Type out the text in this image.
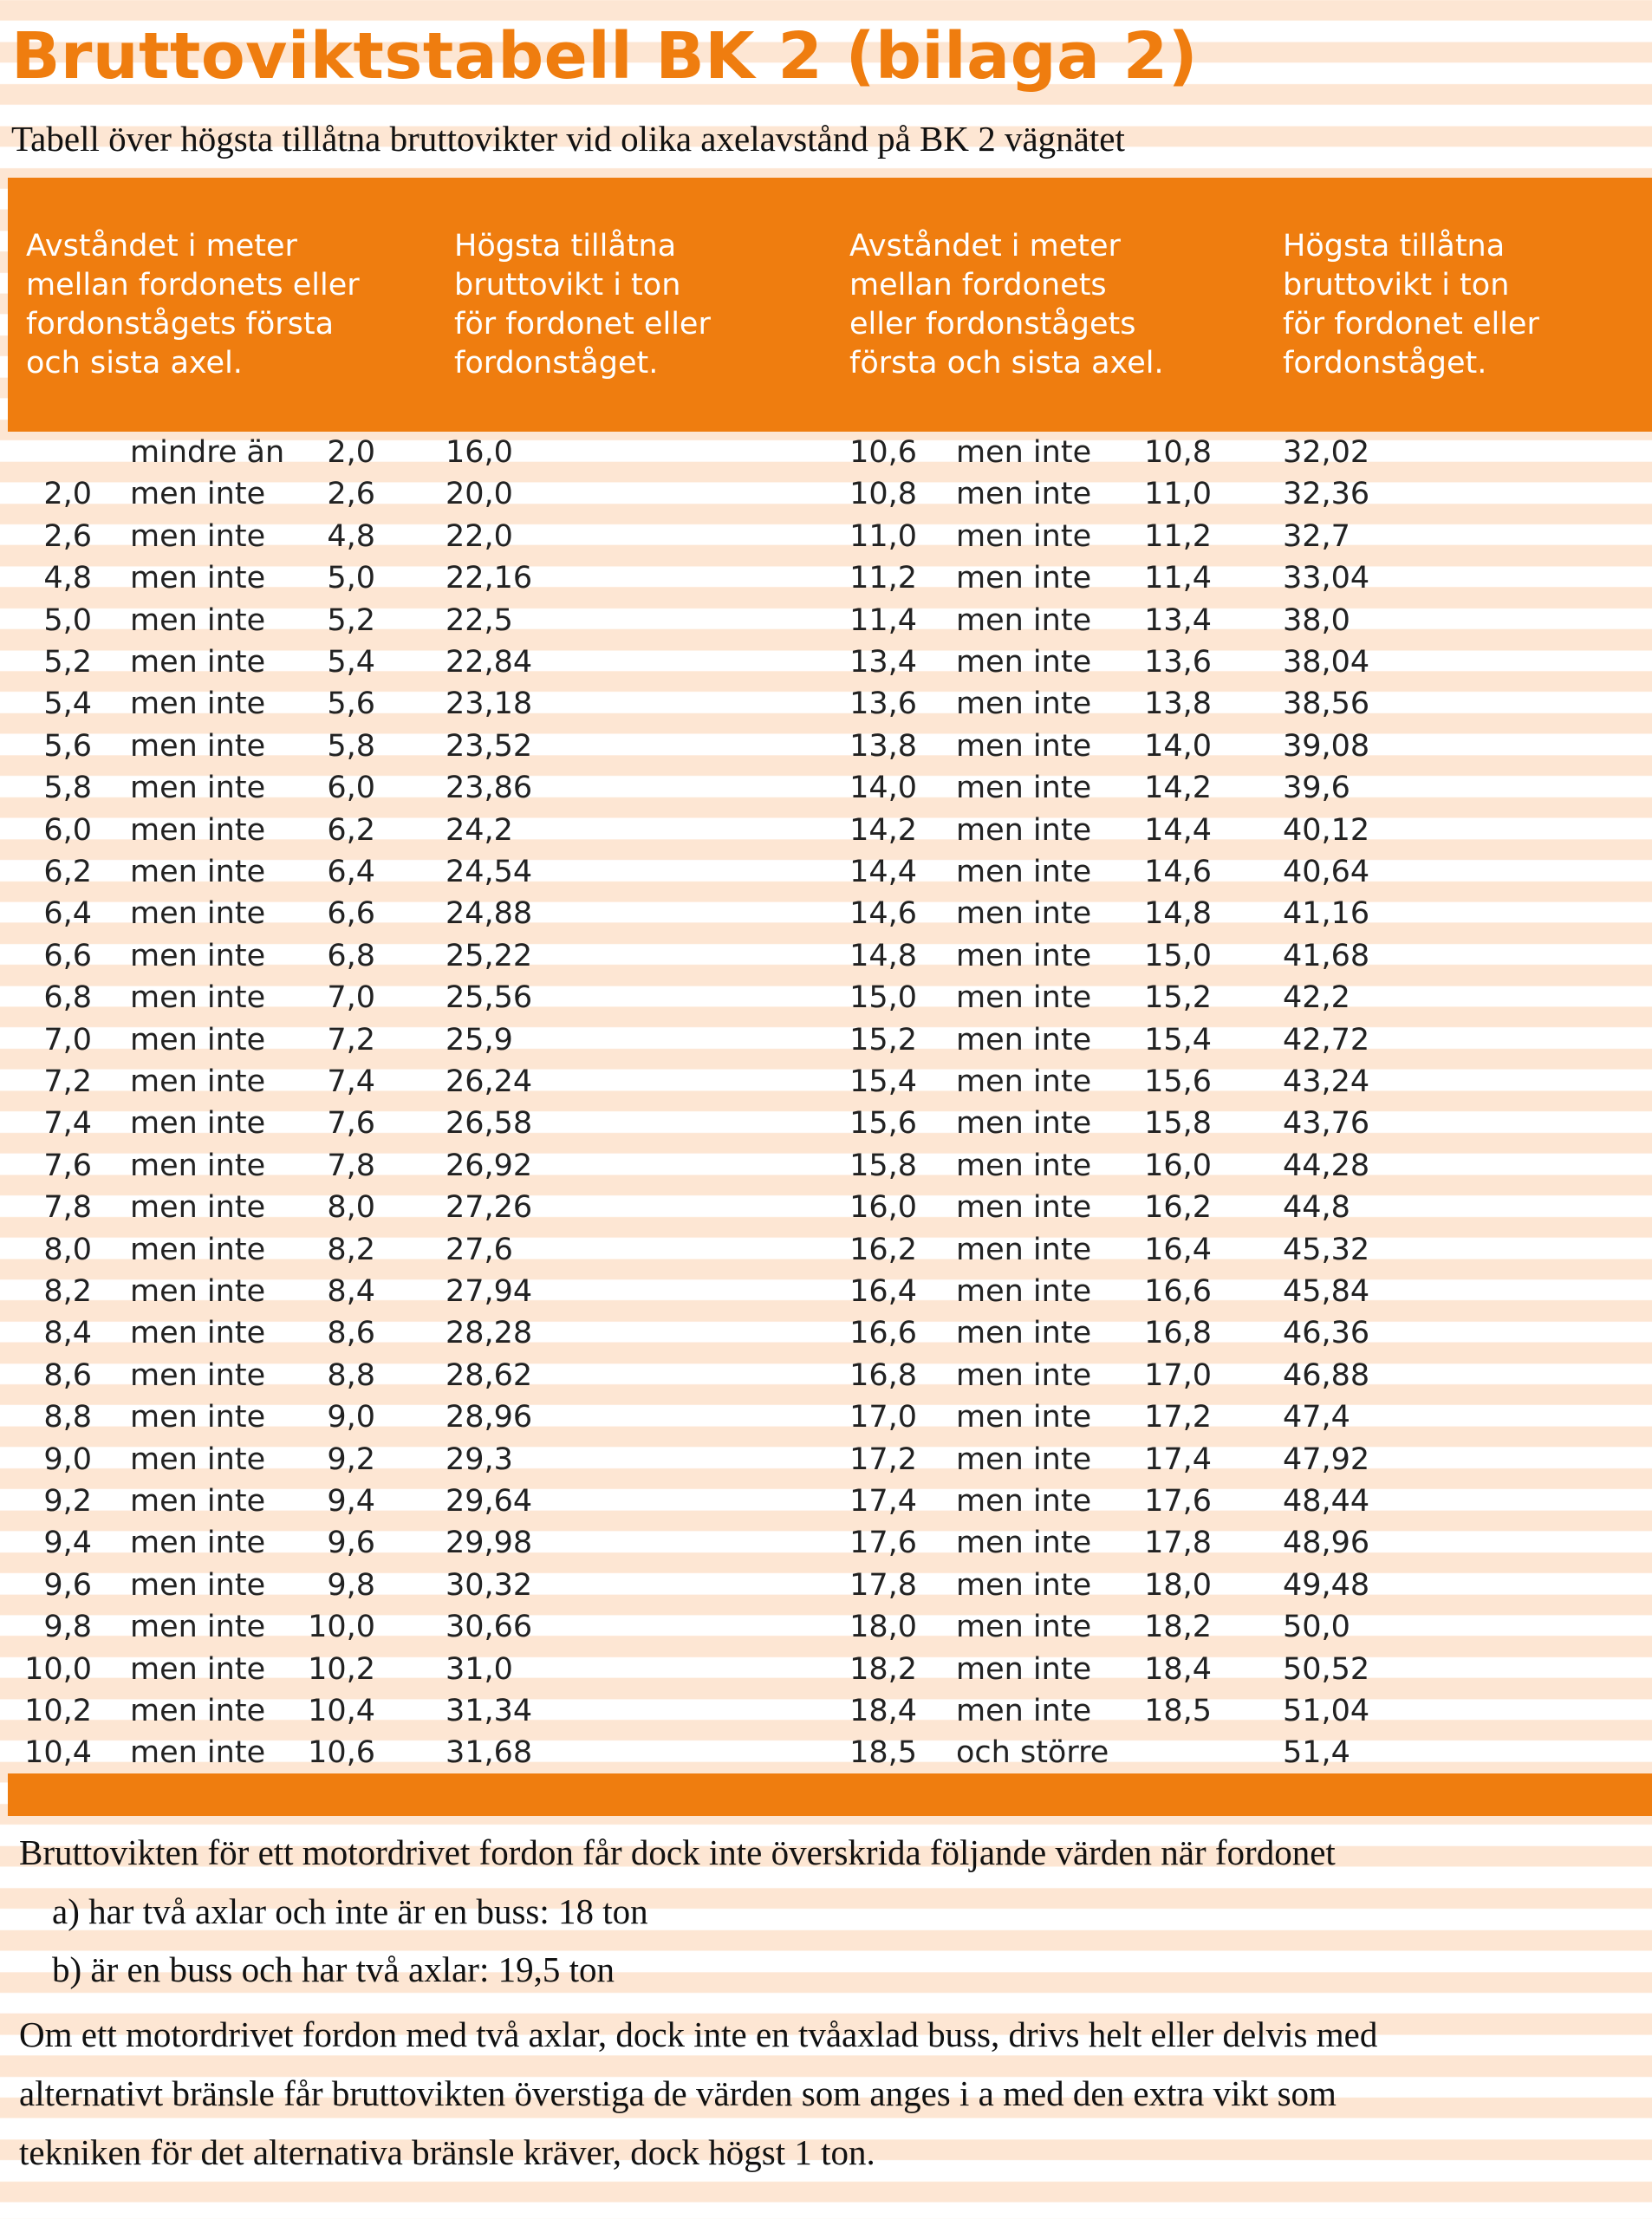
Bruttoviktstabell BK 2 (bilaga 2)

Tabell över högsta tillåtna bruttovikter vid olika axelavstånd på BK 2 vägnätet

Avståndet i meter
mellan fordonets eller
fordonstågets första
och sista axel.
Högsta tillåtna
bruttovikt i ton
för fordonet eller
fordonståget.
Avståndet i meter
mellan fordonets
eller fordonstågets
första och sista axel.
Högsta tillåtna
bruttovikt i ton
för fordonet eller
fordonståget.
mindre än 2,0 16,0	10,6 men inte 10,8 32,02
2,0 men inte 2,6 20,0	10,8 men inte 11,0 32,36
2,6 men inte 4,8 22,0	11,0 men inte 11,2 32,7
4,8 men inte 5,0 22,16	11,2 men inte 11,4 33,04
5,0 men inte 5,2 22,5	11,4 men inte 13,4 38,0
5,2 men inte 5,4 22,84	13,4 men inte 13,6 38,04
5,4 men inte 5,6 23,18	13,6 men inte 13,8 38,56
5,6 men inte 5,8 23,52	13,8 men inte 14,0 39,08
5,8 men inte 6,0 23,86	14,0 men inte 14,2 39,6
6,0 men inte 6,2 24,2	14,2 men inte 14,4 40,12
6,2 men inte 6,4 24,54	14,4 men inte 14,6 40,64
6,4 men inte 6,6 24,88	14,6 men inte 14,8 41,16
6,6 men inte 6,8 25,22	14,8 men inte 15,0 41,68
6,8 men inte 7,0 25,56	15,0 men inte 15,2 42,2
7,0 men inte 7,2 25,9	15,2 men inte 15,4 42,72
7,2 men inte 7,4 26,24	15,4 men inte 15,6 43,24
7,4 men inte 7,6 26,58	15,6 men inte 15,8 43,76
7,6 men inte 7,8 26,92	15,8 men inte 16,0 44,28
7,8 men inte 8,0 27,26	16,0 men inte 16,2 44,8
8,0 men inte 8,2 27,6	16,2 men inte 16,4 45,32
8,2 men inte 8,4 27,94	16,4 men inte 16,6 45,84
8,4 men inte 8,6 28,28	16,6 men inte 16,8 46,36
8,6 men inte 8,8 28,62	16,8 men inte 17,0 46,88
8,8 men inte 9,0 28,96	17,0 men inte 17,2 47,4
9,0 men inte 9,2 29,3	17,2 men inte 17,4 47,92
9,2 men inte 9,4 29,64	17,4 men inte 17,6 48,44
9,4 men inte 9,6 29,98	17,6 men inte 17,8 48,96
9,6 men inte 9,8 30,32	17,8 men inte 18,0 49,48
9,8 men inte 10,0 30,66	18,0 men inte 18,2 50,0
10,0 men inte 10,2 31,0	18,2 men inte 18,4 50,52
10,2 men inte 10,4 31,34	18,4 men inte 18,5 51,04
10,4 men inte 10,6 31,68	18,5 och större	51,4

Bruttovikten för ett motordrivet fordon får dock inte överskrida följande värden när fordonet

a) har två axlar och inte är en buss: 18 ton

b) är en buss och har två axlar: 19,5 ton

Om ett motordrivet fordon med två axlar, dock inte en tvåaxlad buss, drivs helt eller delvis med
alternativt bränsle får bruttovikten överstiga de värden som anges i a med den extra vikt som
tekniken för det alternativa bränsle kräver, dock högst 1 ton.
